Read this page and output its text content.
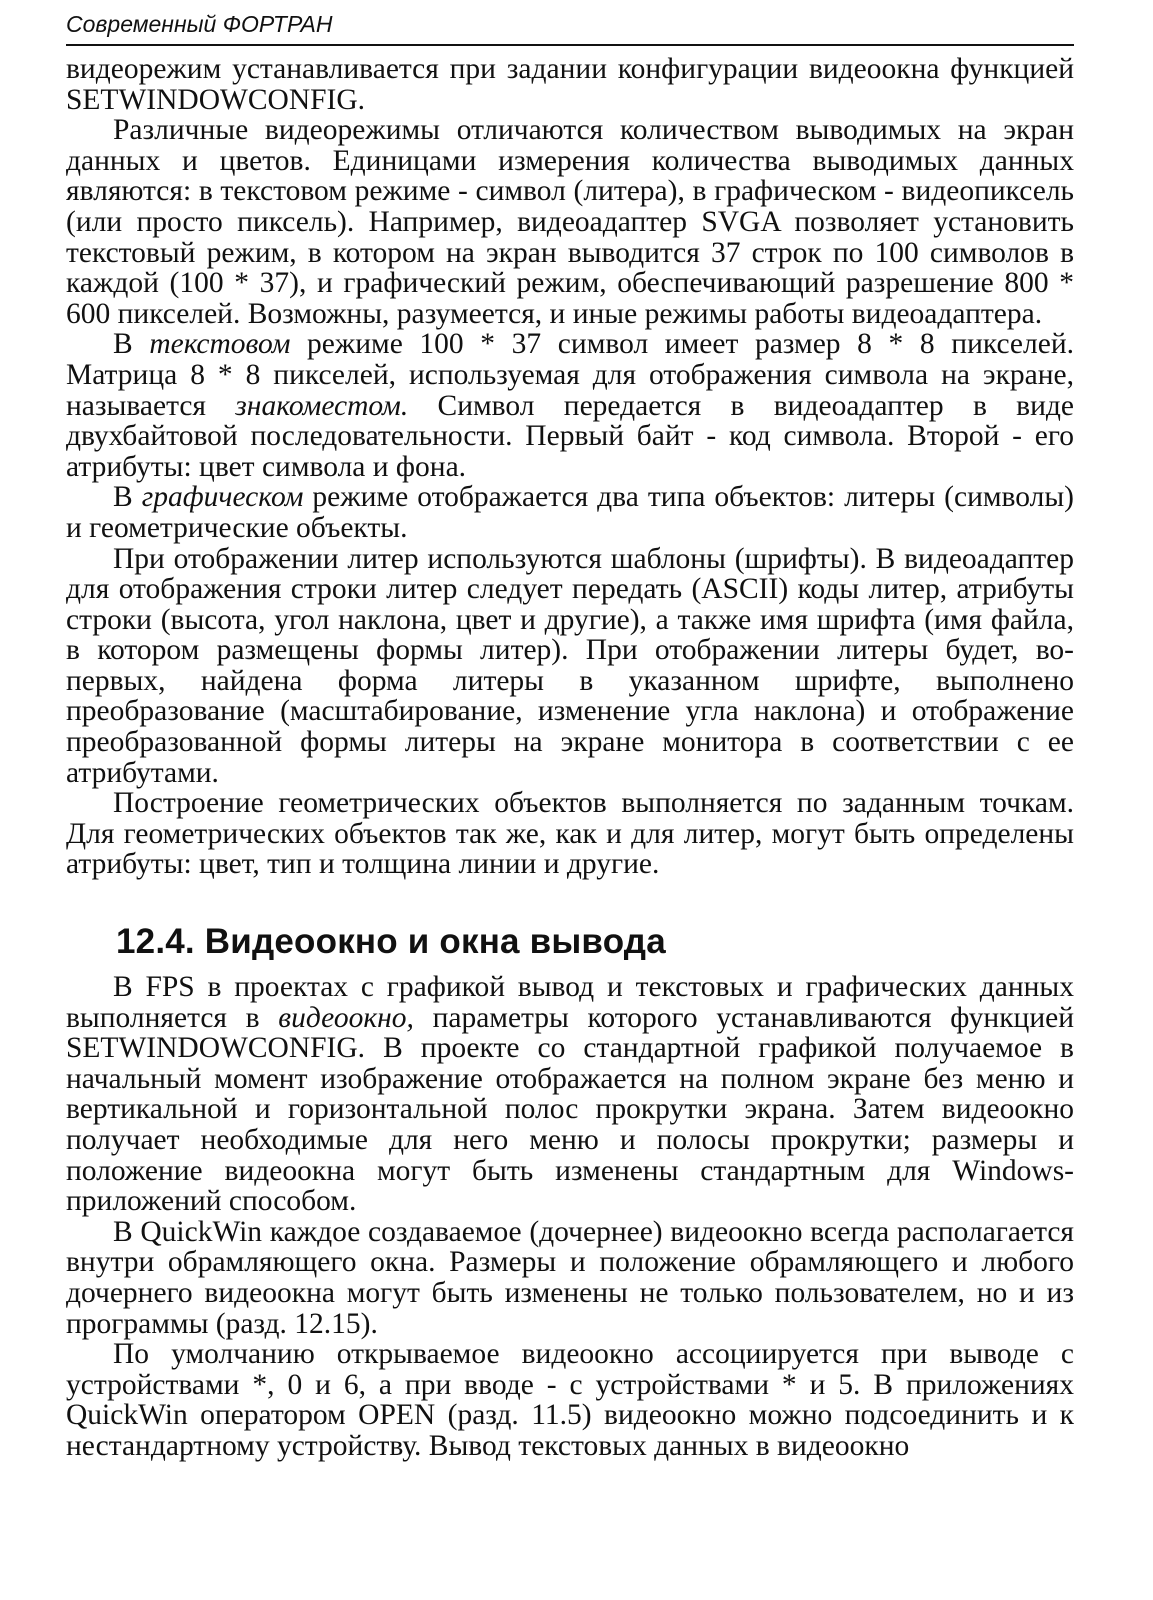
Современный ФОРТРАН

видеорежим устанавливается при задании конфигурации видеоокна функцией SETWINDOWCONFIG.

Различные видеорежимы отличаются количеством выводимых на экран данных и цветов. Единицами измерения количества выводимых данных являются: в текстовом режиме - символ (литера), в графическом - видеопиксель (или просто пиксель). Например, видеоадаптер SVGA позволяет установить текстовый режим, в котором на экран выводится 37 строк по 100 символов в каждой (100 * 37), и графический режим, обеспечивающий разрешение 800 * 600 пикселей. Возможны, разумеется, и иные режимы работы видеоадаптера.

В текстовом режиме 100 * 37 символ имеет размер 8 * 8 пикселей. Матрица 8 * 8 пикселей, используемая для отображения символа на экране, называется знакоместом. Символ передается в видеоадаптер в виде двухбайтовой последовательности. Первый байт - код символа. Второй - его атрибуты: цвет символа и фона.

В графическом режиме отображается два типа объектов: литеры (символы) и геометрические объекты.

При отображении литер используются шаблоны (шрифты). В видеоадаптер для отображения строки литер следует передать (ASCII) коды литер, атрибуты строки (высота, угол наклона, цвет и другие), а также имя шрифта (имя файла, в котором размещены формы литер). При отображении литеры будет, во-первых, найдена форма литеры в указанном шрифте, выполнено преобразование (масштабирование, изменение угла наклона) и отображение преобразованной формы литеры на экране монитора в соответствии с ее атрибутами.

Построение геометрических объектов выполняется по заданным точкам. Для геометрических объектов так же, как и для литер, могут быть определены атрибуты: цвет, тип и толщина линии и другие.

12.4. Видеоокно и окна вывода

В FPS в проектах с графикой вывод и текстовых и графических данных выполняется в видеоокно, параметры которого устанавливаются функцией SETWINDOWCONFIG. В проекте со стандартной графикой получаемое в начальный момент изображение отображается на полном экране без меню и вертикальной и горизонтальной полос прокрутки экрана. Затем видеоокно получает необходимые для него меню и полосы прокрутки; размеры и положение видеоокна могут быть изменены стандартным для Windows-приложений способом.

В QuickWin каждое создаваемое (дочернее) видеоокно всегда располагается внутри обрамляющего окна. Размеры и положение обрамляющего и любого дочернего видеоокна могут быть изменены не только пользователем, но и из программы (разд. 12.15).

По умолчанию открываемое видеоокно ассоциируется при выводе с устройствами *, 0 и 6, а при вводе - с устройствами * и 5. В приложениях QuickWin оператором OPEN (разд. 11.5) видеоокно можно подсоединить и к нестандартному устройству. Вывод текстовых данных в видеоокно
